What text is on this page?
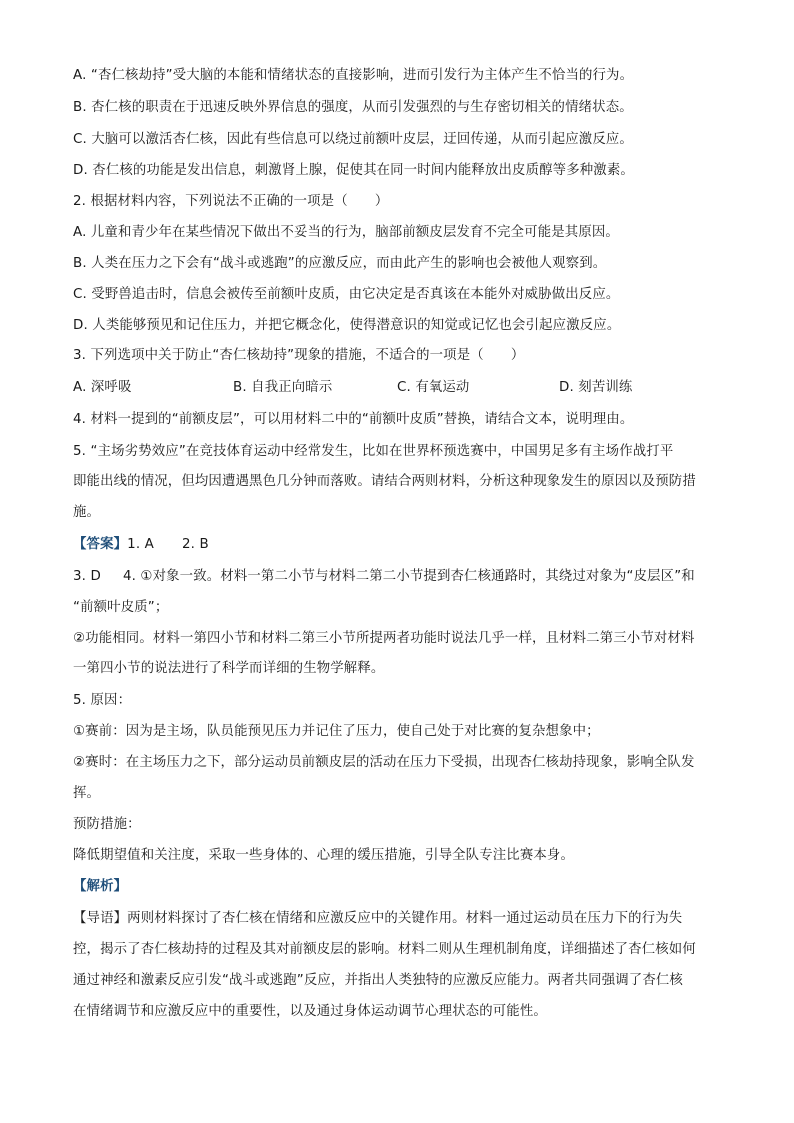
A. “杏仁核劫持”受大脑的本能和情绪状态的直接影响，进而引发行为主体产生不恰当的行为。
B. 杏仁核的职责在于迅速反映外界信息的强度，从而引发强烈的与生存密切相关的情绪状态。
C. 大脑可以激活杏仁核，因此有些信息可以绕过前额叶皮层，迂回传递，从而引起应激反应。
D. 杏仁核的功能是发出信息，刺激肾上腺，促使其在同一时间内能释放出皮质醇等多种激素。
2. 根据材料内容，下列说法不正确的一项是（　　）
A. 儿童和青少年在某些情况下做出不妥当的行为，脑部前额皮层发育不完全可能是其原因。
B. 人类在压力之下会有“战斗或逃跑”的应激反应，而由此产生的影响也会被他人观察到。
C. 受野兽追击时，信息会被传至前额叶皮质，由它决定是否真该在本能外对威胁做出反应。
D. 人类能够预见和记住压力，并把它概念化，使得潜意识的知觉或记忆也会引起应激反应。
3. 下列选项中关于防止“杏仁核劫持”现象的措施，不适合的一项是（　　）
A. 深呼吸	B. 自我正向暗示	C. 有氧运动	D. 刻苦训练
4. 材料一提到的“前额皮层”，可以用材料二中的“前额叶皮质”替换，请结合文本，说明理由。
5. “主场劣势效应”在竞技体育运动中经常发生，比如在世界杯预选赛中，中国男足多有主场作战打平
即能出线的情况，但均因遭遇黑色几分钟而落败。请结合两则材料，分析这种现象发生的原因以及预防措
施。
【答案】1. A 2. B
3. D 4. ①对象一致。材料一第二小节与材料二第二小节提到杏仁核通路时，其绕过对象为“皮层区”和
“前额叶皮质”；
②功能相同。材料一第四小节和材料二第三小节所提两者功能时说法几乎一样，且材料二第三小节对材料
一第四小节的说法进行了科学而详细的生物学解释。
5. 原因：
①赛前：因为是主场，队员能预见压力并记住了压力，使自己处于对比赛的复杂想象中；
②赛时：在主场压力之下，部分运动员前额皮层的活动在压力下受损，出现杏仁核劫持现象，影响全队发
挥。
预防措施：
降低期望值和关注度，采取一些身体的、心理的缓压措施，引导全队专注比赛本身。
【解析】
【导语】两则材料探讨了杏仁核在情绪和应激反应中的关键作用。材料一通过运动员在压力下的行为失
控，揭示了杏仁核劫持的过程及其对前额皮层的影响。材料二则从生理机制角度，详细描述了杏仁核如何
通过神经和激素反应引发“战斗或逃跑”反应，并指出人类独特的应激反应能力。两者共同强调了杏仁核
在情绪调节和应激反应中的重要性，以及通过身体运动调节心理状态的可能性。
